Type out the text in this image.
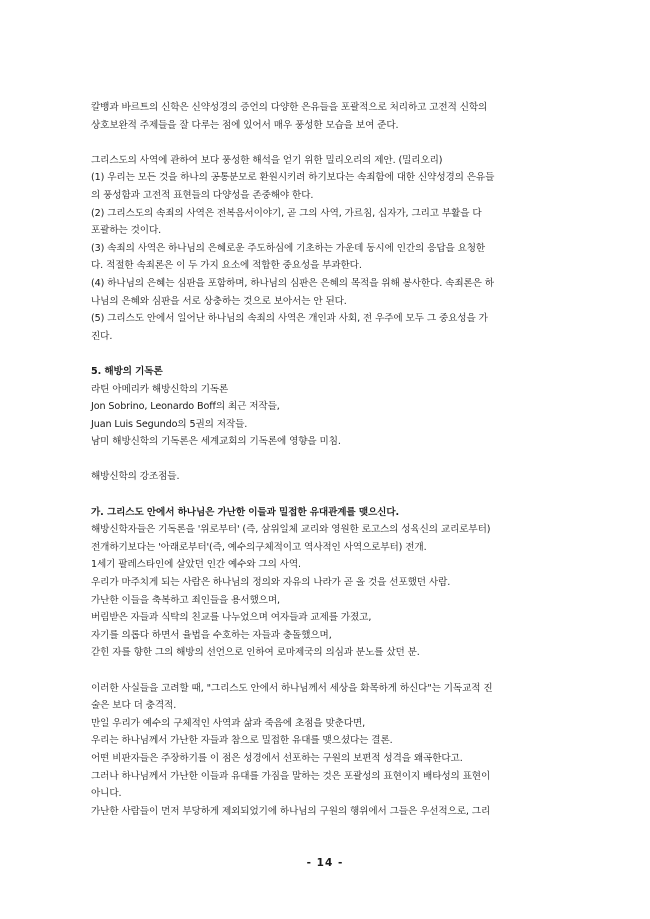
칼뱅과 바르트의 신학은 신약성경의 증언의 다양한 은유들을 포괄적으로 처리하고 고전적 신학의
상호보완적 주제들을 잘 다루는 점에 있어서 매우 풍성한 모습을 보여 준다.
그리스도의 사역에 관하여 보다 풍성한 해석을 얻기 위한 밀리오리의 제안. (밀리오리)
(1) 우리는 모든 것을 하나의 공통분모로 환원시키려 하기보다는 속죄함에 대한 신약성경의 은유들
의 풍성함과 고전적 표현들의 다양성을 존중해야 한다.
(2) 그리스도의 속죄의 사역은 전복음서이야기, 곧 그의 사역, 가르침, 십자가, 그리고 부활을 다
포괄하는 것이다.
(3) 속죄의 사역은 하나님의 은혜로운 주도하심에 기초하는 가운데 동시에 인간의 응답을 요청한
다. 적절한 속죄론은 이 두 가지 요소에 적합한 중요성을 부과한다.
(4) 하나님의 은혜는 심판을 포함하며, 하나님의 심판은 은혜의 목적을 위해 봉사한다. 속죄론은 하
나님의 은혜와 심판을 서로 상충하는 것으로 보아서는 안 된다.
(5) 그리스도 안에서 일어난 하나님의 속죄의 사역은 개인과 사회, 전 우주에 모두 그 중요성을 가
진다.
5. 해방의 기독론
라틴 아메리카 해방신학의 기독론
Jon Sobrino, Leonardo Boff의 최근 저작들,
Juan Luis Segundo의 5권의 저작들.
남미 해방신학의 기독론은 세계교회의 기독론에 영향을 미침.
해방신학의 강조점들.
가. 그리스도 안에서 하나님은 가난한 이들과 밀접한 유대관계를 맺으신다.
해방신학자들은 기독론을 '위로부터' (즉, 삼위일체 교리와 영원한 로고스의 성육신의 교리로부터)
전개하기보다는 '아래로부터'(즉, 예수의구체적이고 역사적인 사역으로부터) 전개.
1세기 팔레스타인에 살았던 인간 예수와 그의 사역.
우리가 마주치게 되는 사람은 하나님의 정의와 자유의 나라가 곧 올 것을 선포했던 사람.
가난한 이들을 축복하고 죄인들을 용서했으며,
버림받은 자들과 식탁의 친교를 나누었으며 여자들과 교제를 가졌고,
자기를 의롭다 하면서 율법을 수호하는 자들과 충돌했으며,
갇힌 자를 향한 그의 해방의 선언으로 인하여 로마제국의 의심과 분노를 샀던 분.
이러한 사실들을 고려할 때, "그리스도 안에서 하나님께서 세상을 화목하게 하신다"는 기독교적 진
술은 보다 더 충격적.
만일 우리가 예수의 구체적인 사역과 삶과 죽음에 초점을 맞춘다면,
우리는 하나님께서 가난한 자들과 참으로 밀접한 유대를 맺으셨다는 결론.
어떤 비판자들은 주장하기를 이 점은 성경에서 선포하는 구원의 보편적 성격을 왜곡한다고.
그러나 하나님께서 가난한 이들과 유대를 가짐을 말하는 것은 포괄성의 표현이지 배타성의 표현이
아니다.
가난한 사람들이 먼저 부당하게 제외되었기에 하나님의 구원의 행위에서 그들은 우선적으로, 그리
- 14 -
